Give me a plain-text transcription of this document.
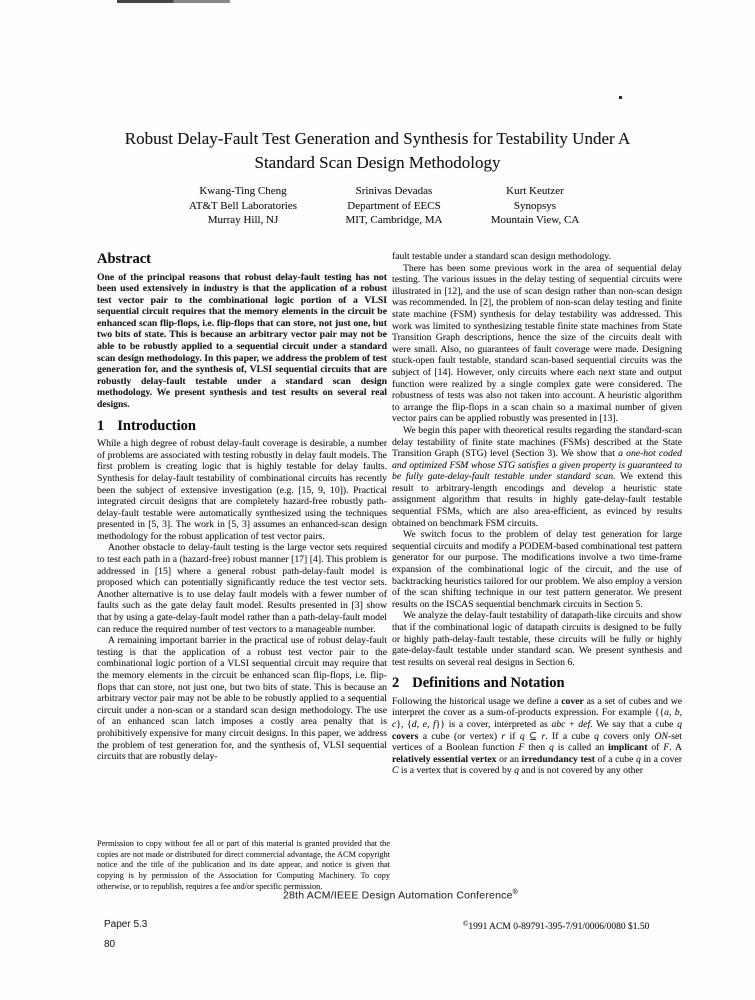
Robust Delay-Fault Test Generation and Synthesis for Testability Under A
Standard Scan Design Methodology
Kwang-Ting Cheng
AT&T Bell Laboratories
Murray Hill, NJ
Srinivas Devadas
Department of EECS
MIT, Cambridge, MA
Kurt Keutzer
Synopsys
Mountain View, CA
Abstract

One of the principal reasons that robust delay-fault testing has not been used extensively in industry is that the application of a robust test vector pair to the combinational logic portion of a VLSI sequential circuit requires that the memory elements in the circuit be enhanced scan flip-flops, i.e. flip-flops that can store, not just one, but two bits of state. This is because an arbitrary vector pair may not be able to be robustly applied to a sequential circuit under a standard scan design methodology. In this paper, we address the problem of test generation for, and the synthesis of, VLSI sequential circuits that are robustly delay-fault testable under a standard scan design methodology. We present synthesis and test results on several real designs.

1 Introduction

While a high degree of robust delay-fault coverage is desirable, a number of problems are associated with testing robustly in delay fault models. The first problem is creating logic that is highly testable for delay faults. Synthesis for delay-fault testability of combinational circuits has recently been the subject of extensive investigation (e.g. [15, 9, 10]). Practical integrated circuit designs that are completely hazard-free robustly path-delay-fault testable were automatically synthesized using the techniques presented in [5, 3]. The work in [5, 3] assumes an enhanced-scan design methodology for the robust application of test vector pairs.

Another obstacle to delay-fault testing is the large vector sets required to test each path in a (hazard-free) robust manner [17] [4]. This problem is addressed in [15] where a general robust path-delay-fault model is proposed which can potentially significantly reduce the test vector sets. Another alternative is to use delay fault models with a fewer number of faults such as the gate delay fault model. Results presented in [3] show that by using a gate-delay-fault model rather than a path-delay-fault model can reduce the required number of test vectors to a manageable number.

A remaining important barrier in the practical use of robust delay-fault testing is that the application of a robust test vector pair to the combinational logic portion of a VLSI sequential circuit may require that the memory elements in the circuit be enhanced scan flip-flops, i.e. flip-flops that can store, not just one, but two bits of state. This is because an arbitrary vector pair may not be able to be robustly applied to a sequential circuit under a non-scan or a standard scan design methodology. The use of an enhanced scan latch imposes a costly area penalty that is prohibitively expensive for many circuit designs. In this paper, we address the problem of test generation for, and the synthesis of, VLSI sequential circuits that are robustly delay-

Permission to copy without fee all or part of this material is granted provided that the copies are not made or distributed for direct commercial advantage, the ACM copyright notice and the title of the publication and its date appear, and notice is given that copying is by permission of the Association for Computing Machinery. To copy otherwise, or to republish, requires a fee and/or specific permission.

fault testable under a standard scan design methodology.

There has been some previous work in the area of sequential delay testing. The various issues in the delay testing of sequential circuits were illustrated in [12], and the use of scan design rather than non-scan design was recommended. In [2], the problem of non-scan delay testing and finite state machine (FSM) synthesis for delay testability was addressed. This work was limited to synthesizing testable finite state machines from State Transition Graph descriptions, hence the size of the circuits dealt with were small. Also, no guarantees of fault coverage were made. Designing stuck-open fault testable, standard scan-based sequential circuits was the subject of [14]. However, only circuits where each next state and output function were realized by a single complex gate were considered. The robustness of tests was also not taken into account. A heuristic algorithm to arrange the flip-flops in a scan chain so a maximal number of given vector pairs can be applied robustly was presented in [13].

We begin this paper with theoretical results regarding the standard-scan delay testability of finite state machines (FSMs) described at the State Transition Graph (STG) level (Section 3). We show that a one-hot coded and optimized FSM whose STG satisfies a given property is guaranteed to be fully gate-delay-fault testable under standard scan. We extend this result to arbitrary-length encodings and develop a heuristic state assignment algorithm that results in highly gate-delay-fault testable sequential FSMs, which are also area-efficient, as evinced by results obtained on benchmark FSM circuits.

We switch focus to the problem of delay test generation for large sequential circuits and modify a PODEM-based combinational test pattern generator for our purpose. The modifications involve a two time-frame expansion of the combinational logic of the circuit, and the use of backtracking heuristics tailored for our problem. We also employ a version of the scan shifting technique in our test pattern generator. We present results on the ISCAS sequential benchmark circuits in Section 5.

We analyze the delay-fault testability of datapath-like circuits and show that if the combinational logic of datapath circuits is designed to be fully or highly path-delay-fault testable, these circuits will be fully or highly gate-delay-fault testable under standard scan. We present synthesis and test results on several real designs in Section 6.

2 Definitions and Notation

Following the historical usage we define a cover as a set of cubes and we interpret the cover as a sum-of-products expression. For example {{a, b, c}, {d, e, f}} is a cover, interpreted as abc + def. We say that a cube q covers a cube (or vertex) r if q ⊆ r. If a cube q covers only ON-set vertices of a Boolean function F then q is called an implicant of F. A relatively essential vertex or an irredundancy test of a cube q in a cover C is a vertex that is covered by q and is not covered by any other

28th ACM/IEEE Design Automation Conference®
Paper 5.3
80
©1991 ACM 0-89791-395-7/91/0006/0080 $1.50
